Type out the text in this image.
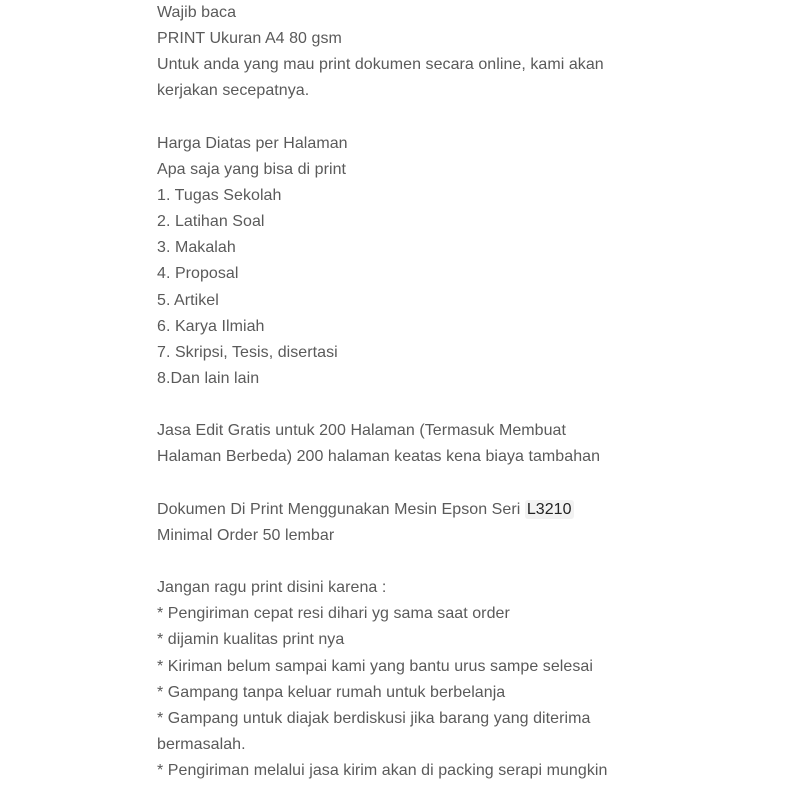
Wajib baca
PRINT Ukuran A4 80 gsm
Untuk anda yang mau print dokumen secara online, kami akan
kerjakan secepatnya.
Harga Diatas per Halaman
Apa saja yang bisa di print
1. Tugas Sekolah
2. Latihan Soal
3. Makalah
4. Proposal
5. Artikel
6. Karya Ilmiah
7. Skripsi, Tesis, disertasi
8.Dan lain lain
Jasa Edit Gratis untuk 200 Halaman (Termasuk Membuat
Halaman Berbeda) 200 halaman keatas kena biaya tambahan
Dokumen Di Print Menggunakan Mesin Epson Seri L3210
Minimal Order 50 lembar
Jangan ragu print disini karena :
* Pengiriman cepat resi dihari yg sama saat order
* dijamin kualitas print nya
* Kiriman belum sampai kami yang bantu urus sampe selesai
* Gampang tanpa keluar rumah untuk berbelanja
* Gampang untuk diajak berdiskusi jika barang yang diterima
bermasalah.
* Pengiriman melalui jasa kirim akan di packing serapi mungkin
